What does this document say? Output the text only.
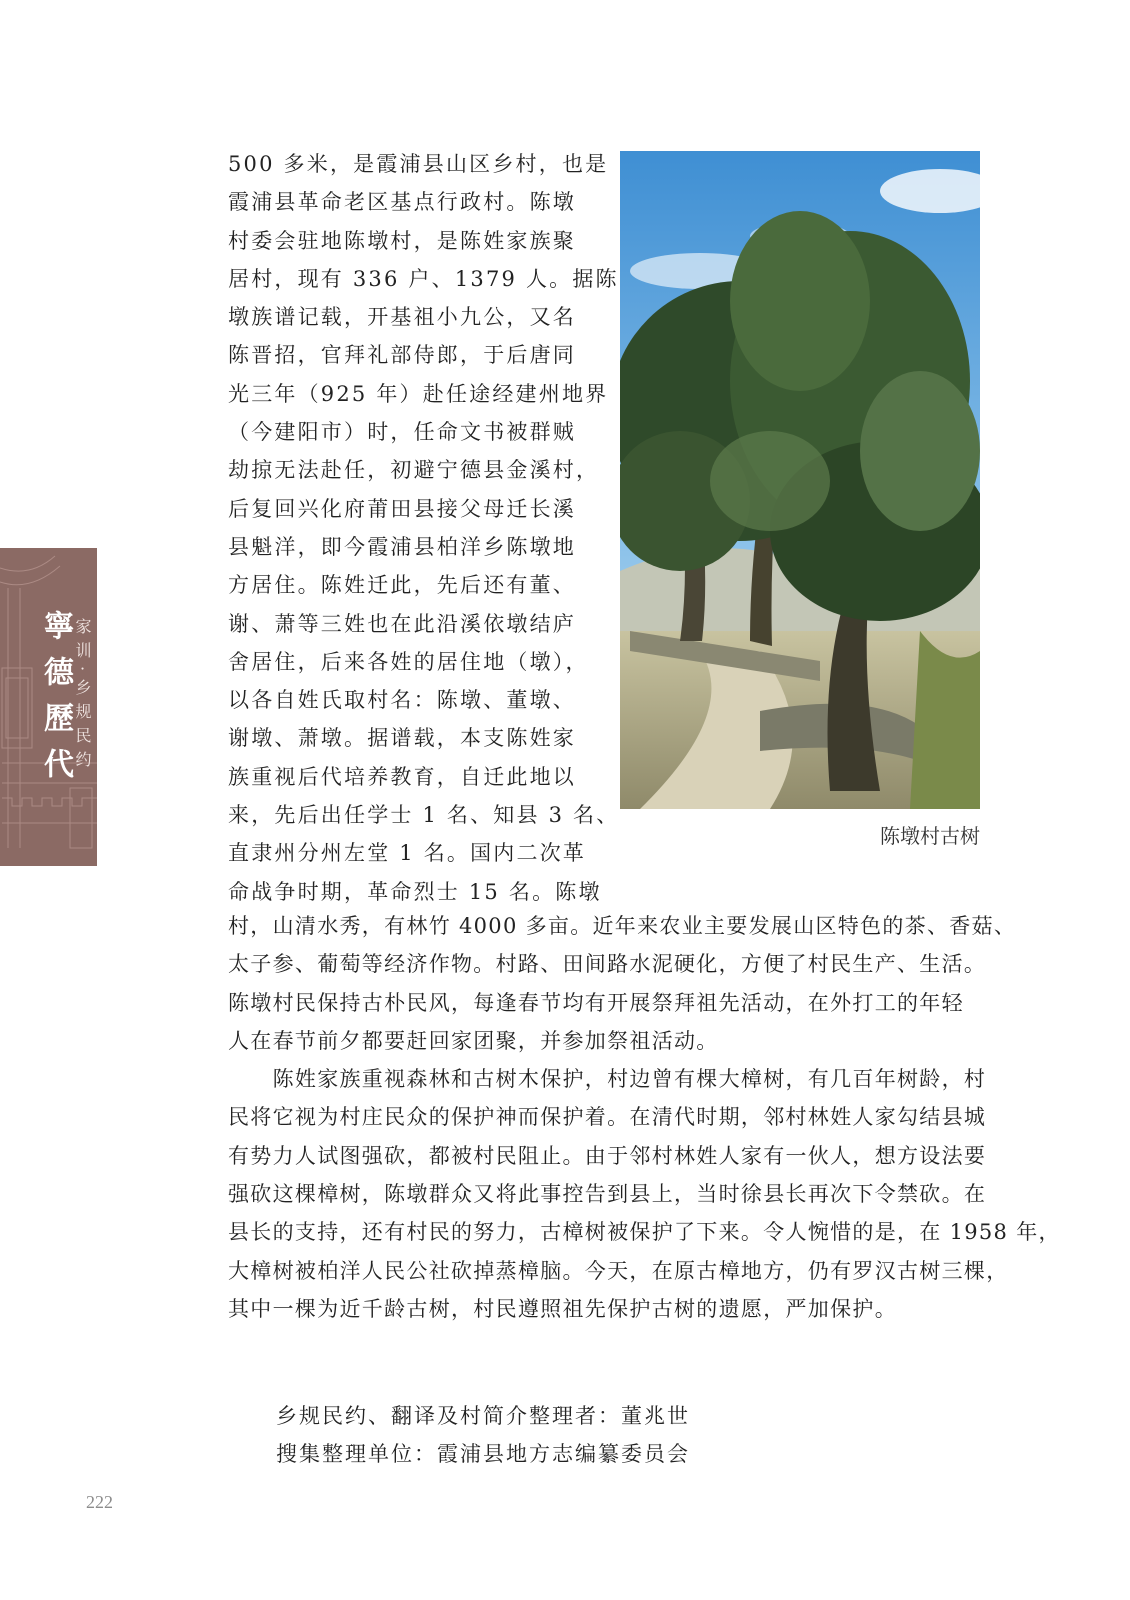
寧德歷代 家训·乡规民约
500 多米，是霞浦县山区乡村，也是
霞浦县革命老区基点行政村。陈墩
村委会驻地陈墩村，是陈姓家族聚
居村，现有 336 户、1379 人。据陈
墩族谱记载，开基祖小九公，又名
陈晋招，官拜礼部侍郎，于后唐同
光三年（925 年）赴任途经建州地界
（今建阳市）时，任命文书被群贼
劫掠无法赴任，初避宁德县金溪村，
后复回兴化府莆田县接父母迁长溪
县魁洋，即今霞浦县柏洋乡陈墩地
方居住。陈姓迁此，先后还有董、
谢、萧等三姓也在此沿溪依墩结庐
舍居住，后来各姓的居住地（墩），
以各自姓氏取村名：陈墩、董墩、
谢墩、萧墩。据谱载，本支陈姓家
族重视后代培养教育，自迁此地以
来，先后出任学士 1 名、知县 3 名、
直隶州分州左堂 1 名。国内二次革
命战争时期，革命烈士 15 名。陈墩
陈墩村古树
村，山清水秀，有林竹 4000 多亩。近年来农业主要发展山区特色的茶、香菇、
太子参、葡萄等经济作物。村路、田间路水泥硬化，方便了村民生产、生活。
陈墩村民保持古朴民风，每逢春节均有开展祭拜祖先活动，在外打工的年轻
人在春节前夕都要赶回家团聚，并参加祭祖活动。
　　陈姓家族重视森林和古树木保护，村边曾有棵大樟树，有几百年树龄，村
民将它视为村庄民众的保护神而保护着。在清代时期，邻村林姓人家勾结县城
有势力人试图强砍，都被村民阻止。由于邻村林姓人家有一伙人，想方设法要
强砍这棵樟树，陈墩群众又将此事控告到县上，当时徐县长再次下令禁砍。在
县长的支持，还有村民的努力，古樟树被保护了下来。令人惋惜的是，在 1958 年，
大樟树被柏洋人民公社砍掉蒸樟脑。今天，在原古樟地方，仍有罗汉古树三棵，
其中一棵为近千龄古树，村民遵照祖先保护古树的遗愿，严加保护。
乡规民约、翻译及村简介整理者：董兆世
搜集整理单位：霞浦县地方志编纂委员会
222
